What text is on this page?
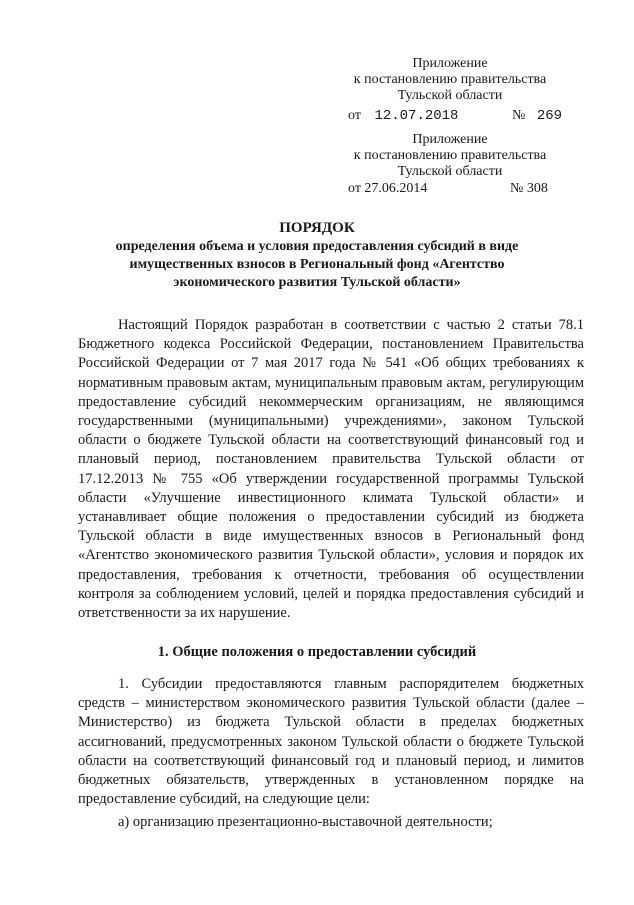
Приложение
к постановлению правительства
Тульской области
от 12.07.2018	№ 269
Приложение
к постановлению правительства
Тульской области
от 27.06.2014	№ 308
ПОРЯДОК
определения объема и условия предоставления субсидий в виде
имущественных взносов в Региональный фонд «Агентство
экономического развития Тульской области»
Настоящий Порядок разработан в соответствии с частью 2 статьи 78.1 Бюджетного кодекса Российской Федерации, постановлением Правительства Российской Федерации от 7 мая 2017 года № 541 «Об общих требованиях к нормативным правовым актам, муниципальным правовым актам, регулирующим предоставление субсидий некоммерческим организациям, не являющимся государственными (муниципальными) учреждениями», законом Тульской области о бюджете Тульской области на соответствующий финансовый год и плановый период, постановлением правительства Тульской области от 17.12.2013 № 755 «Об утверждении государственной программы Тульской области «Улучшение инвестиционного климата Тульской области» и устанавливает общие положения о предоставлении субсидий из бюджета Тульской области в виде имущественных взносов в Региональный фонд «Агентство экономического развития Тульской области», условия и порядок их предоставления, требования к отчетности, требования об осуществлении контроля за соблюдением условий, целей и порядка предоставления субсидий и ответственности за их нарушение.
1. Общие положения о предоставлении субсидий
1. Субсидии предоставляются главным распорядителем бюджетных средств – министерством экономического развития Тульской области (далее – Министерство) из бюджета Тульской области в пределах бюджетных ассигнований, предусмотренных законом Тульской области о бюджете Тульской области на соответствующий финансовый год и плановый период, и лимитов бюджетных обязательств, утвержденных в установленном порядке на предоставление субсидий, на следующие цели:
а) организацию презентационно-выставочной деятельности;
